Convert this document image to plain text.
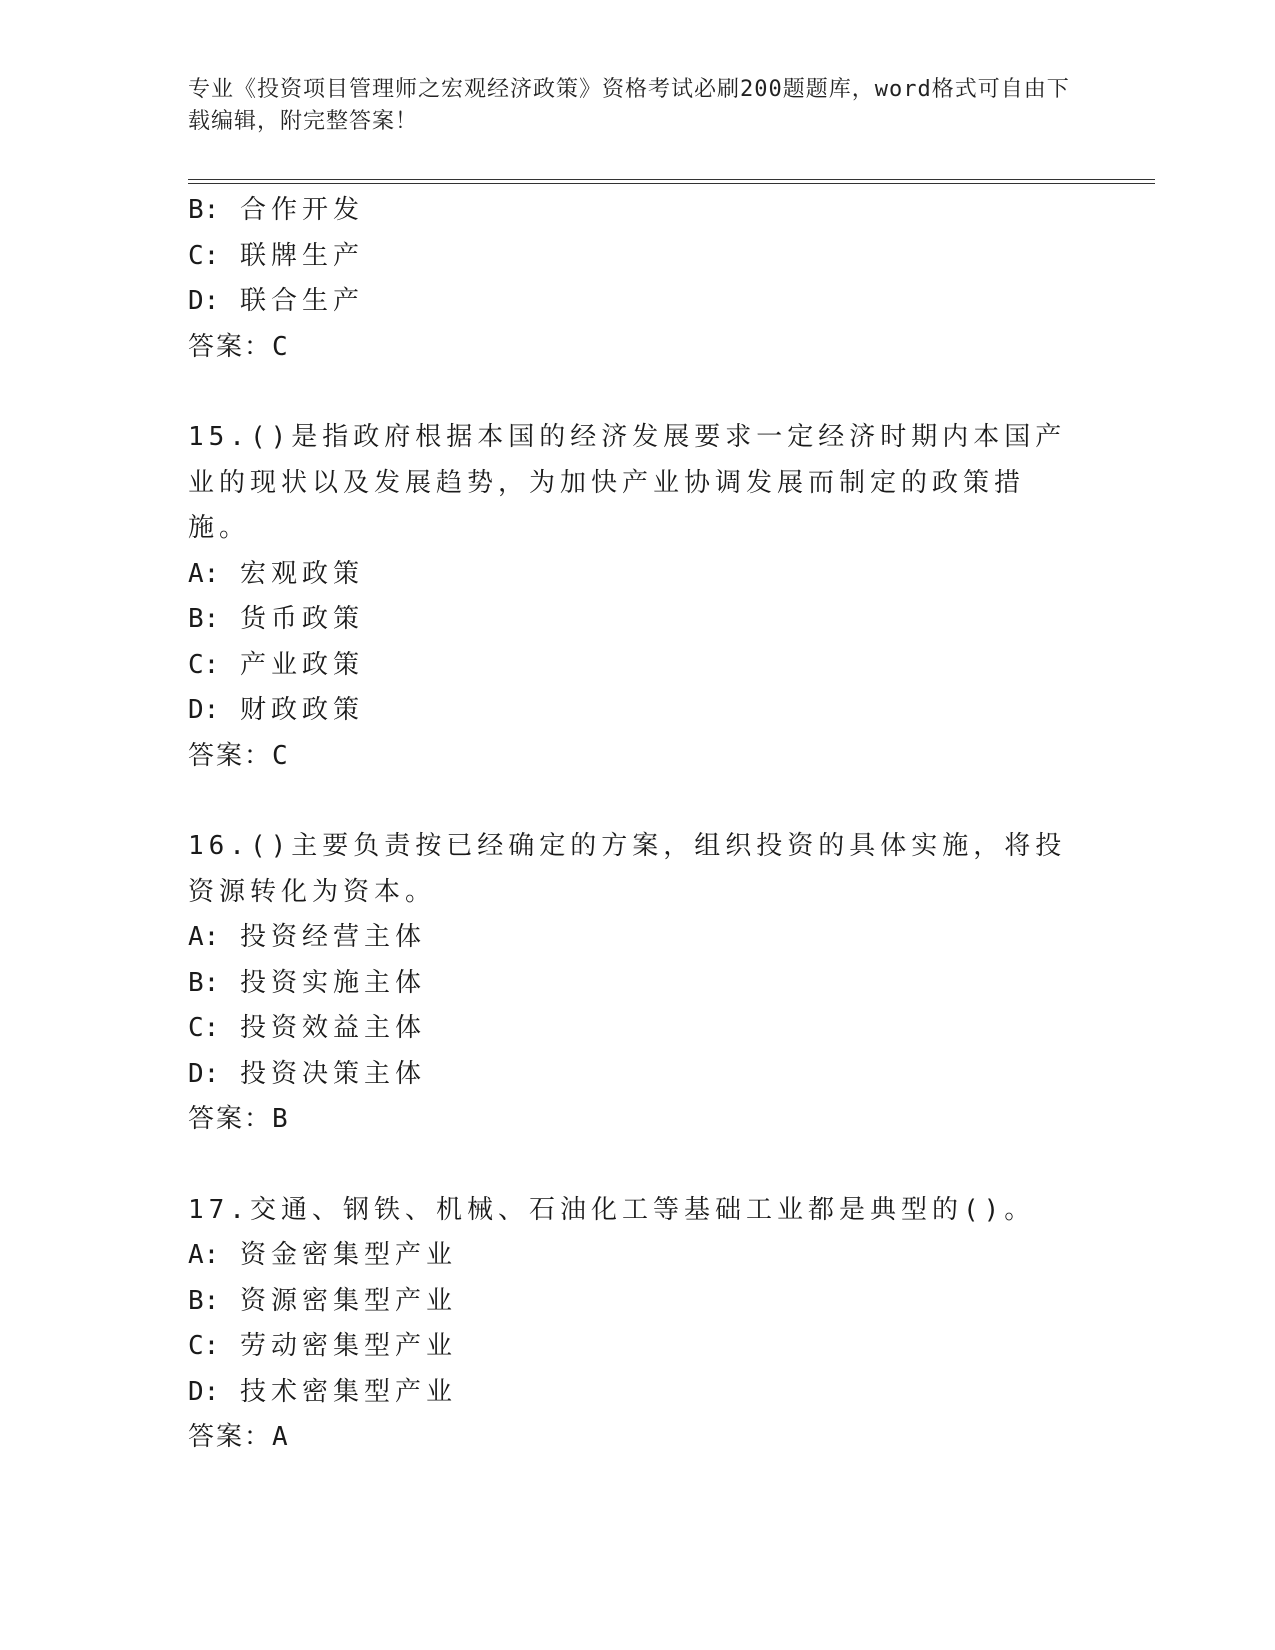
专业《投资项目管理师之宏观经济政策》资格考试必刷200题题库，word格式可自由下载编辑，附完整答案！
B: 合作开发
C: 联牌生产
D: 联合生产
答案：C
15.()是指政府根据本国的经济发展要求一定经济时期内本国产业的现状以及发展趋势，为加快产业协调发展而制定的政策措施。
A: 宏观政策
B: 货币政策
C: 产业政策
D: 财政政策
答案：C
16.()主要负责按已经确定的方案，组织投资的具体实施，将投资源转化为资本。
A: 投资经营主体
B: 投资实施主体
C: 投资效益主体
D: 投资决策主体
答案：B
17.交通、钢铁、机械、石油化工等基础工业都是典型的()。
A: 资金密集型产业
B: 资源密集型产业
C: 劳动密集型产业
D: 技术密集型产业
答案：A
